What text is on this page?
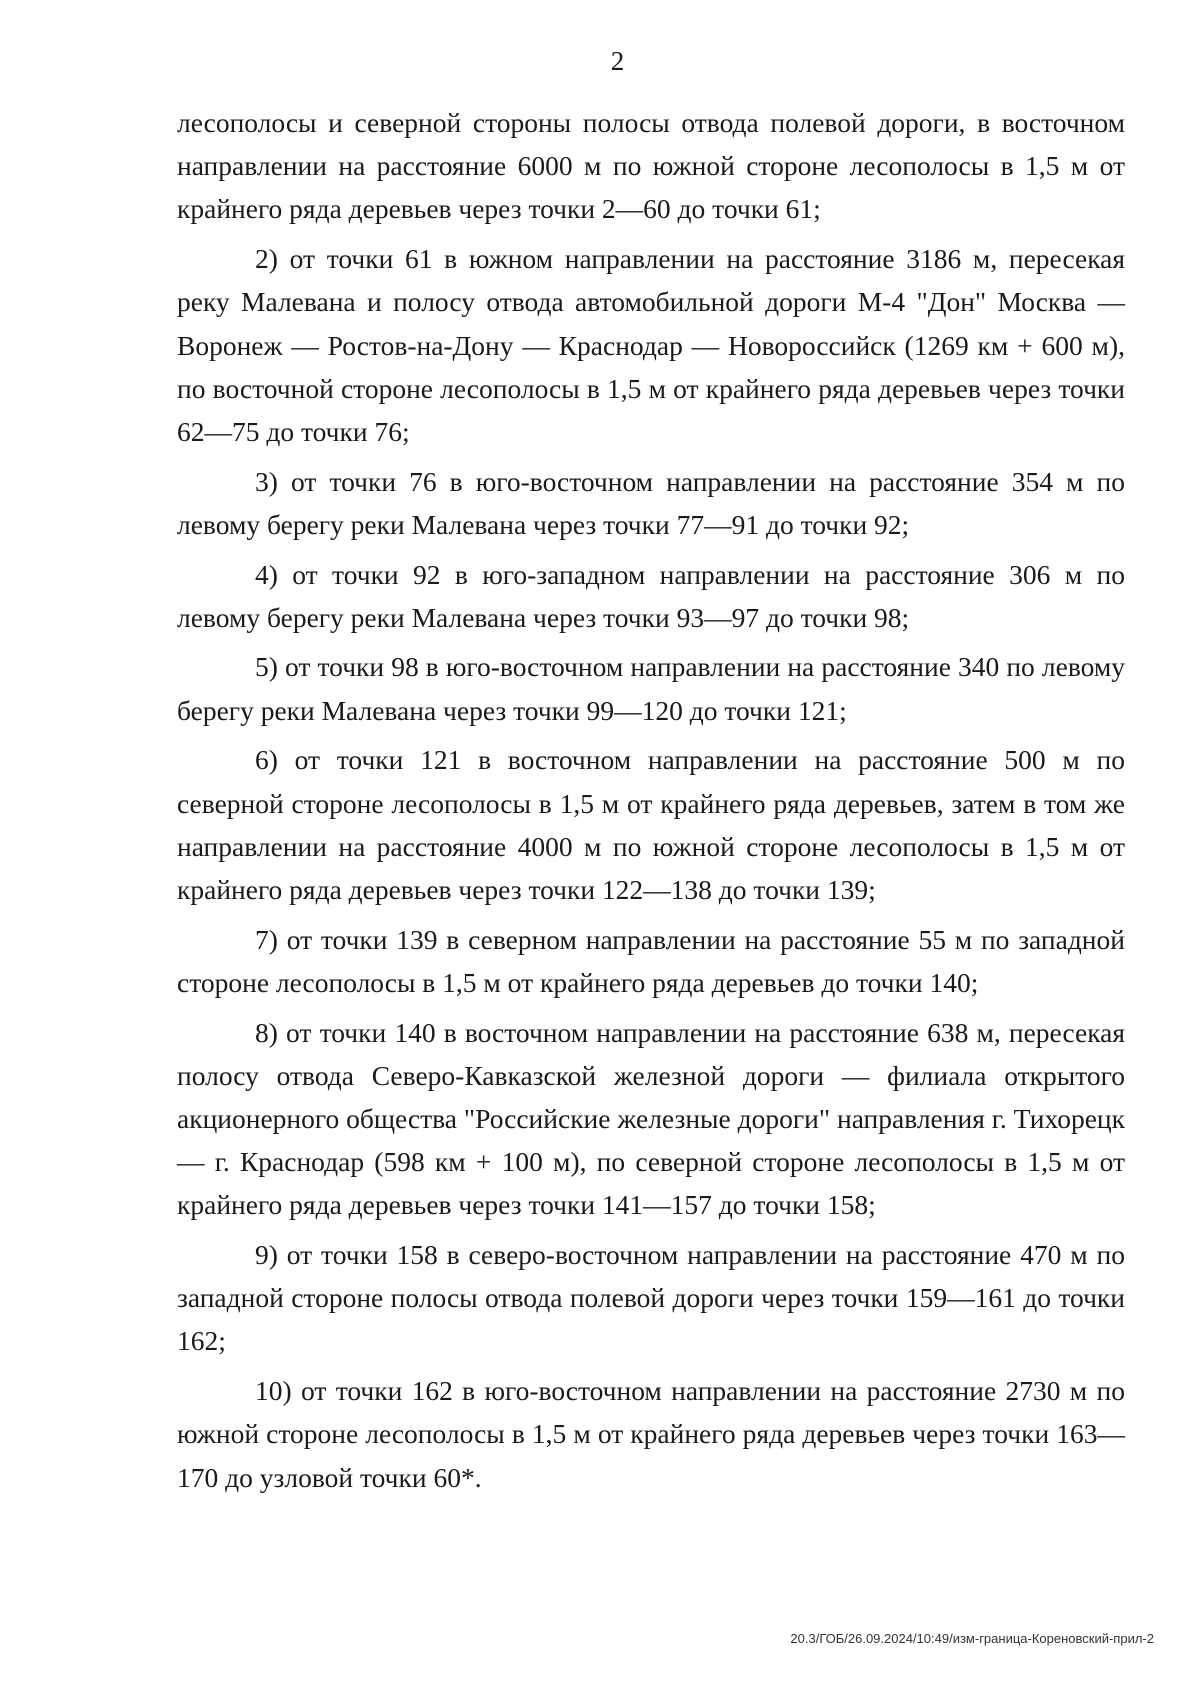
2

лесополосы и северной стороны полосы отвода полевой дороги, в восточном направлении на расстояние 6000 м по южной стороне лесополосы в 1,5 м от крайнего ряда деревьев через точки 2—60 до точки 61;

2) от точки 61 в южном направлении на расстояние 3186 м, пересекая реку Малевана и полосу отвода автомобильной дороги М-4 "Дон" Москва — Воронеж — Ростов-на-Дону — Краснодар — Новороссийск (1269 км + 600 м), по восточной стороне лесополосы в 1,5 м от крайнего ряда деревьев через точки 62—75 до точки 76;

3) от точки 76 в юго-восточном направлении на расстояние 354 м по левому берегу реки Малевана через точки 77—91 до точки 92;

4) от точки 92 в юго-западном направлении на расстояние 306 м по левому берегу реки Малевана через точки 93—97 до точки 98;

5) от точки 98 в юго-восточном направлении на расстояние 340 по левому берегу реки Малевана через точки 99—120 до точки 121;

6) от точки 121 в восточном направлении на расстояние 500 м по северной стороне лесополосы в 1,5 м от крайнего ряда деревьев, затем в том же направлении на расстояние 4000 м по южной стороне лесополосы в 1,5 м от крайнего ряда деревьев через точки 122—138 до точки 139;

7) от точки 139 в северном направлении на расстояние 55 м по западной стороне лесополосы в 1,5 м от крайнего ряда деревьев до точки 140;

8) от точки 140 в восточном направлении на расстояние 638 м, пересекая полосу отвода Северо-Кавказской железной дороги — филиала открытого акционерного общества "Российские железные дороги" направления г. Тихорецк — г. Краснодар (598 км + 100 м), по северной стороне лесополосы в 1,5 м от крайнего ряда деревьев через точки 141—157 до точки 158;

9) от точки 158 в северо-восточном направлении на расстояние 470 м по западной стороне полосы отвода полевой дороги через точки 159—161 до точки 162;

10) от точки 162 в юго-восточном направлении на расстояние 2730 м по южной стороне лесополосы в 1,5 м от крайнего ряда деревьев через точки 163—170 до узловой точки 60*.

20.3/ГОБ/26.09.2024/10:49/изм-граница-Кореновский-прил-2
